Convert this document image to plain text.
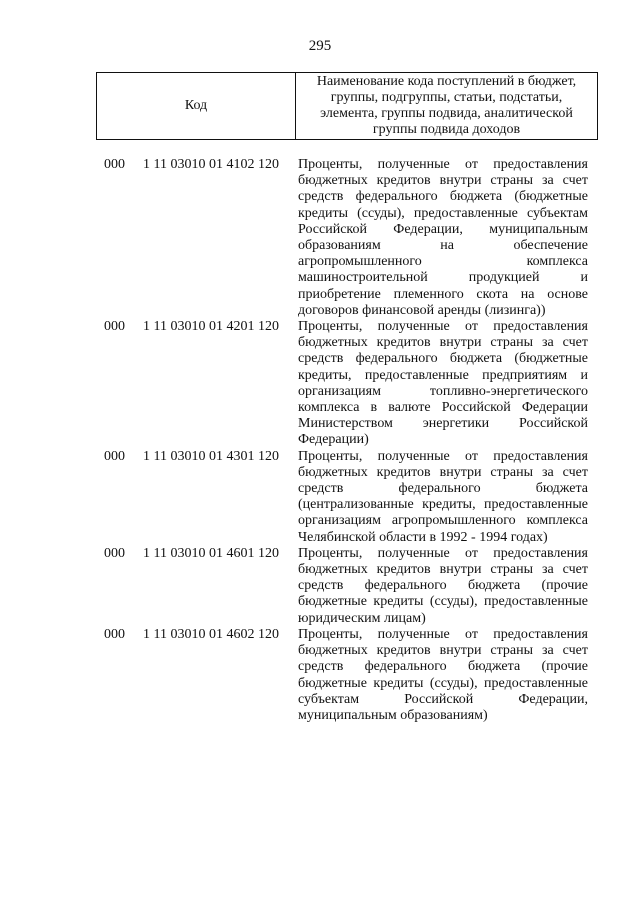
295
Код
Наименование кода поступлений в бюджет, группы, подгруппы, статьи, подстатьи, элемента, группы подвида, аналитической группы подвида доходов
000 1 11 03010 01 4102 120 Проценты, полученные от предоставления бюджетных кредитов внутри страны за счет средств федерального бюджета (бюджетные кредиты (ссуды), предоставленные субъектам Российской Федерации, муниципальным образованиям на обеспечение агропромышленного комплекса машиностроительной продукцией и приобретение племенного скота на основе договоров финансовой аренды (лизинга))
000 1 11 03010 01 4201 120 Проценты, полученные от предоставления бюджетных кредитов внутри страны за счет средств федерального бюджета (бюджетные кредиты, предоставленные предприятиям и организациям топливно-энергетического комплекса в валюте Российской Федерации Министерством энергетики Российской Федерации)
000 1 11 03010 01 4301 120 Проценты, полученные от предоставления бюджетных кредитов внутри страны за счет средств федерального бюджета (централизованные кредиты, предоставленные организациям агропромышленного комплекса Челябинской области в 1992 - 1994 годах)
000 1 11 03010 01 4601 120 Проценты, полученные от предоставления бюджетных кредитов внутри страны за счет средств федерального бюджета (прочие бюджетные кредиты (ссуды), предоставленные юридическим лицам)
000 1 11 03010 01 4602 120 Проценты, полученные от предоставления бюджетных кредитов внутри страны за счет средств федерального бюджета (прочие бюджетные кредиты (ссуды), предоставленные субъектам Российской Федерации, муниципальным образованиям)
